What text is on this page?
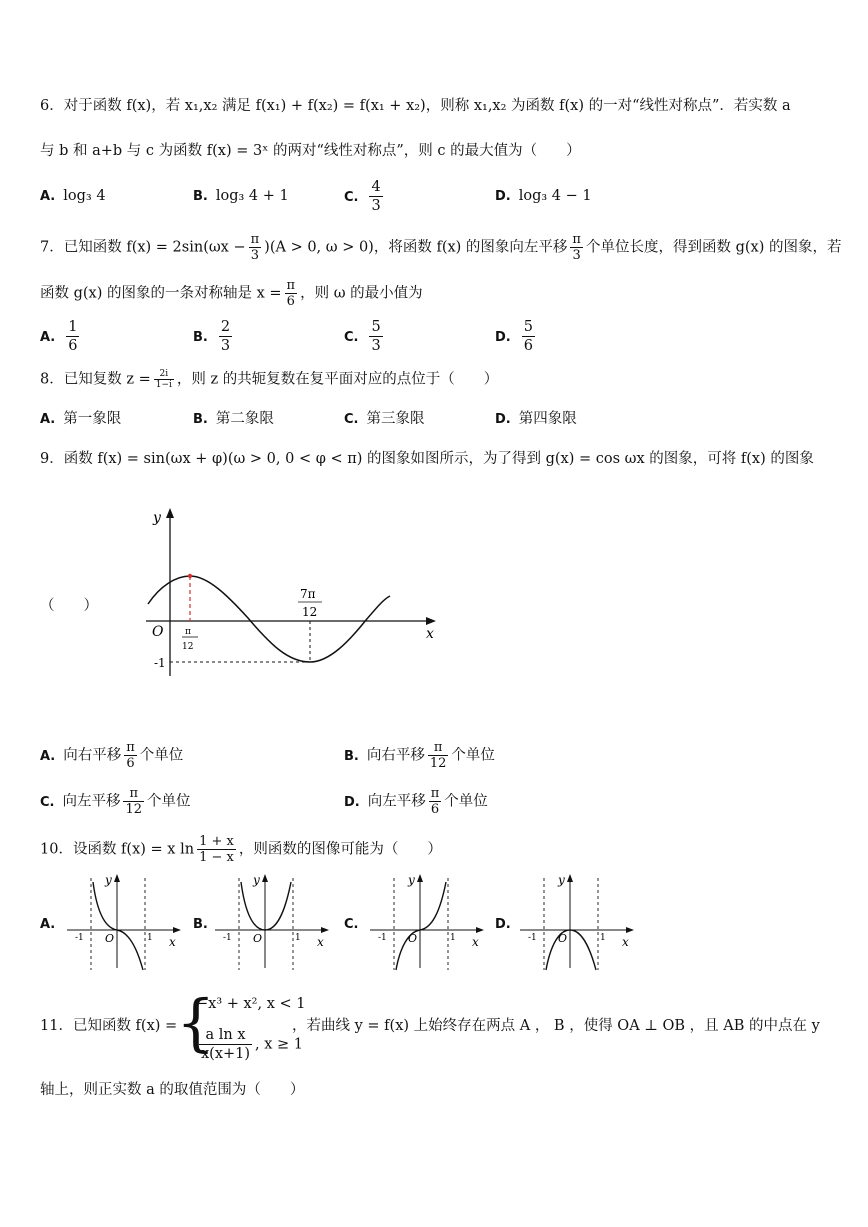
6．对于函数 f(x)，若 x₁,x₂ 满足 f(x₁) + f(x₂) = f(x₁ + x₂)，则称 x₁,x₂ 为函数 f(x) 的一对“线性对称点”．若实数 a
与 b 和 a+b 与 c 为函数 f(x) = 3ˣ 的两对“线性对称点”，则 c 的最大值为（　　）
A. log₃ 4	B. log₃ 4 + 1	C. $\frac{4}{3}$	D. log₃ 4 − 1
7．已知函数 $f(x) = 2\sin(\omega x - \frac{\pi}{3} )(A > 0$, ω > 0)，将函数 f(x) 的图象向左平移 $\frac{\pi}{3}$ 个单位长度，得到函数 g(x) 的图象，若
函数 g(x) 的图象的一条对称轴是 $x = \frac{\pi}{6}$ ，则 ω 的最小值为
A. $\frac{1}{6}$	B. $\frac{2}{3}$	C. $\frac{5}{3}$	D. $\frac{5}{6}$
8．已知复数 $z = \frac{2i}{1-i}$ ，则 z 的共轭复数在复平面对应的点位于（　　）
A. 第一象限	B. 第二象限	C. 第三象限	D. 第四象限
9．函数 f(x) = sin(ωx + φ)(ω > 0, 0 < φ < π) 的图象如图所示，为了得到 g(x) = cos ωx 的图象，可将 f(x) 的图象
（　　）
y
x
O π
12
7π
12
-1
A. 向右平移 $\frac{\pi}{6}$ 个单位	B. 向右平移 $\frac{\pi}{12}$ 个单位
C. 向左平移 $\frac{\pi}{12}$ 个单位	D. 向左平移 $\frac{\pi}{6}$ 个单位
10．设函数 f(x) = x $\ln \frac{1 + x}{1 - x}$ ，则函数的图像可能为（　　）
A.
y
x
O
-1	1
B.
y
x
O
-1	1
C.
y
x
O
-1	1
D.
y
x
O
-1	1
11．已知函数 f(x) =
{
−x³ + x², x < 1
$\frac{\text{a ln x}}{x(x+1)}$ , x ≥ 1
，若曲线 y = f(x) 上始终存在两点 A ， B ，使得 OA ⊥ OB ，且 AB 的中点在 y
轴上，则正实数 a 的取值范围为（　　）
